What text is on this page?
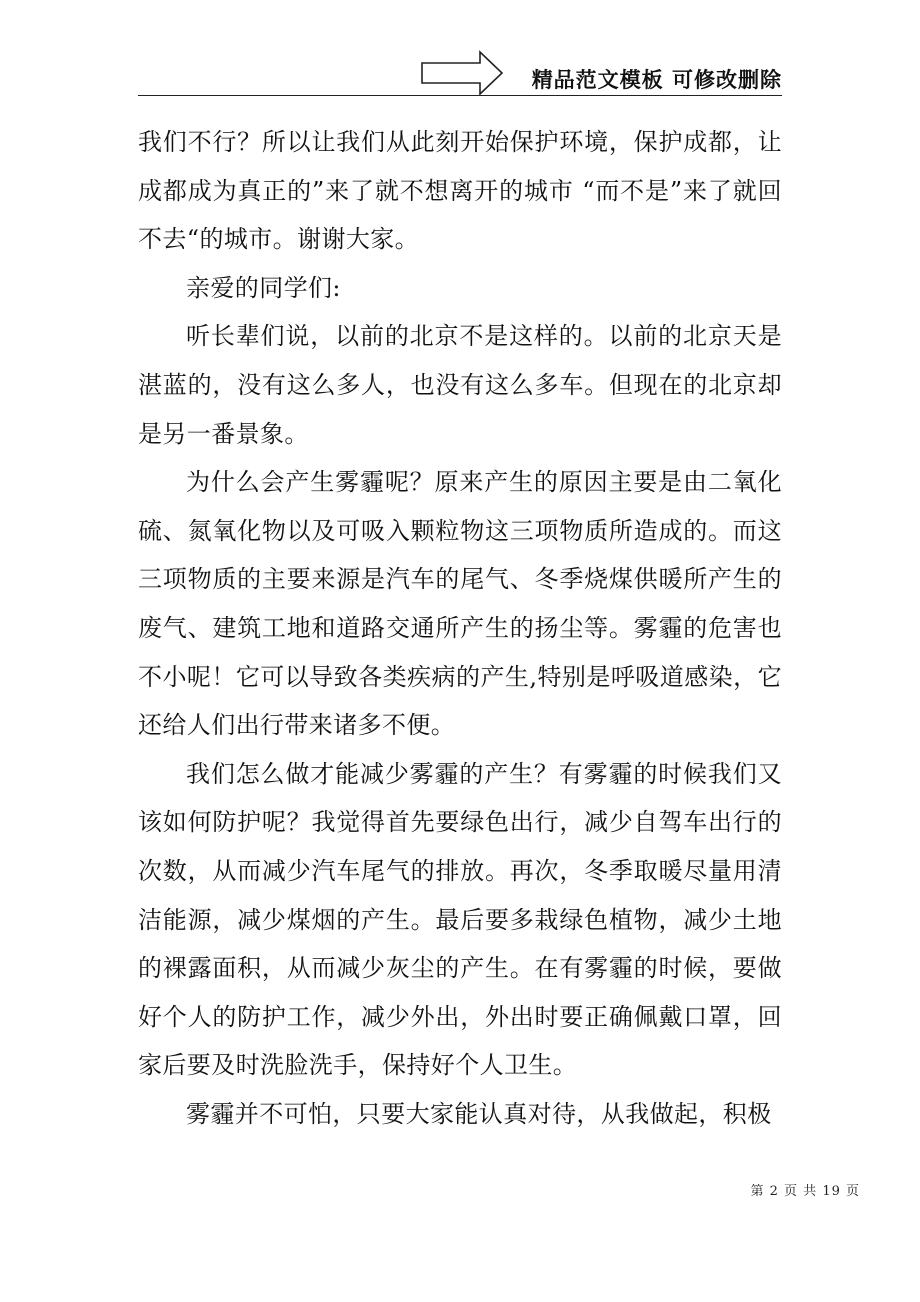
精品范文模板 可修改删除

我们不行？所以让我们从此刻开始保护环境，保护成都，让成都成为真正的”来了就不想离开的城市 “而不是”来了就回不去“的城市。谢谢大家。

亲爱的同学们:

听长辈们说，以前的北京不是这样的。以前的北京天是湛蓝的，没有这么多人，也没有这么多车。但现在的北京却是另一番景象。

为什么会产生雾霾呢？原来产生的原因主要是由二氧化硫、氮氧化物以及可吸入颗粒物这三项物质所造成的。而这三项物质的主要来源是汽车的尾气、冬季烧煤供暖所产生的废气、建筑工地和道路交通所产生的扬尘等。雾霾的危害也不小呢！它可以导致各类疾病的产生,特别是呼吸道感染，它还给人们出行带来诸多不便。

我们怎么做才能减少雾霾的产生？有雾霾的时候我们又该如何防护呢？我觉得首先要绿色出行，减少自驾车出行的次数，从而减少汽车尾气的排放。再次，冬季取暖尽量用清洁能源，减少煤烟的产生。最后要多栽绿色植物，减少土地的裸露面积，从而减少灰尘的产生。在有雾霾的时候，要做好个人的防护工作，减少外出，外出时要正确佩戴口罩，回家后要及时洗脸洗手，保持好个人卫生。

雾霾并不可怕，只要大家能认真对待，从我做起，积极

第 2 页 共 19 页
